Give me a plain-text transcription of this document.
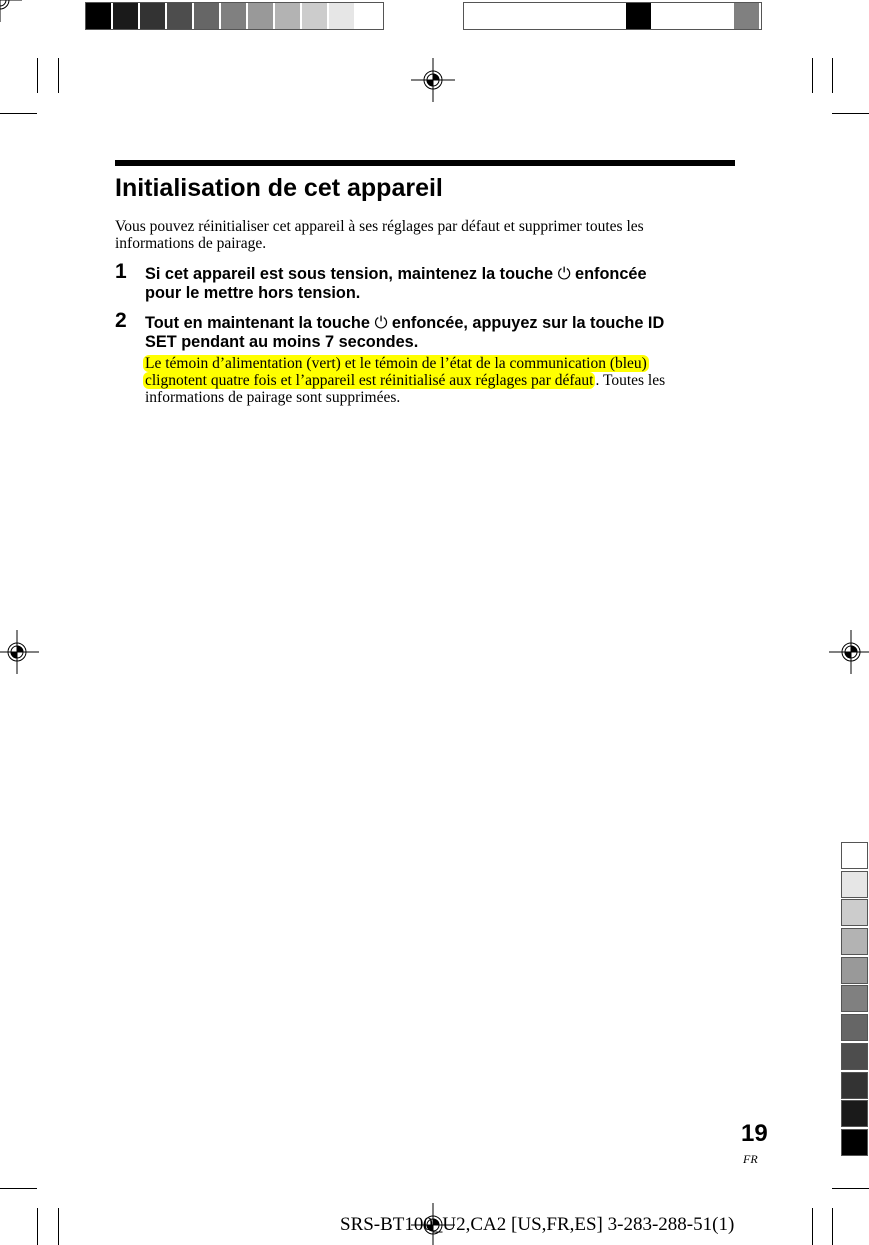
Initialisation de cet appareil
Vous pouvez réinitialiser cet appareil à ses réglages par défaut et supprimer toutes les
informations de pairage.
1 Si cet appareil est sous tension, maintenez la touche ⏻ enfoncée
pour le mettre hors tension.
2 Tout en maintenant la touche ⏻ enfoncée, appuyez sur la touche ID
SET pendant au moins 7 secondes.
Le témoin d’alimentation (vert) et le témoin de l’état de la communication (bleu)
clignotent quatre fois et l’appareil est réinitialisé aux réglages par défaut . Toutes les
informations de pairage sont supprimées.
19
FR
SRS-BT100_U2,CA2 [US,FR,ES] 3-283-288-51(1)
